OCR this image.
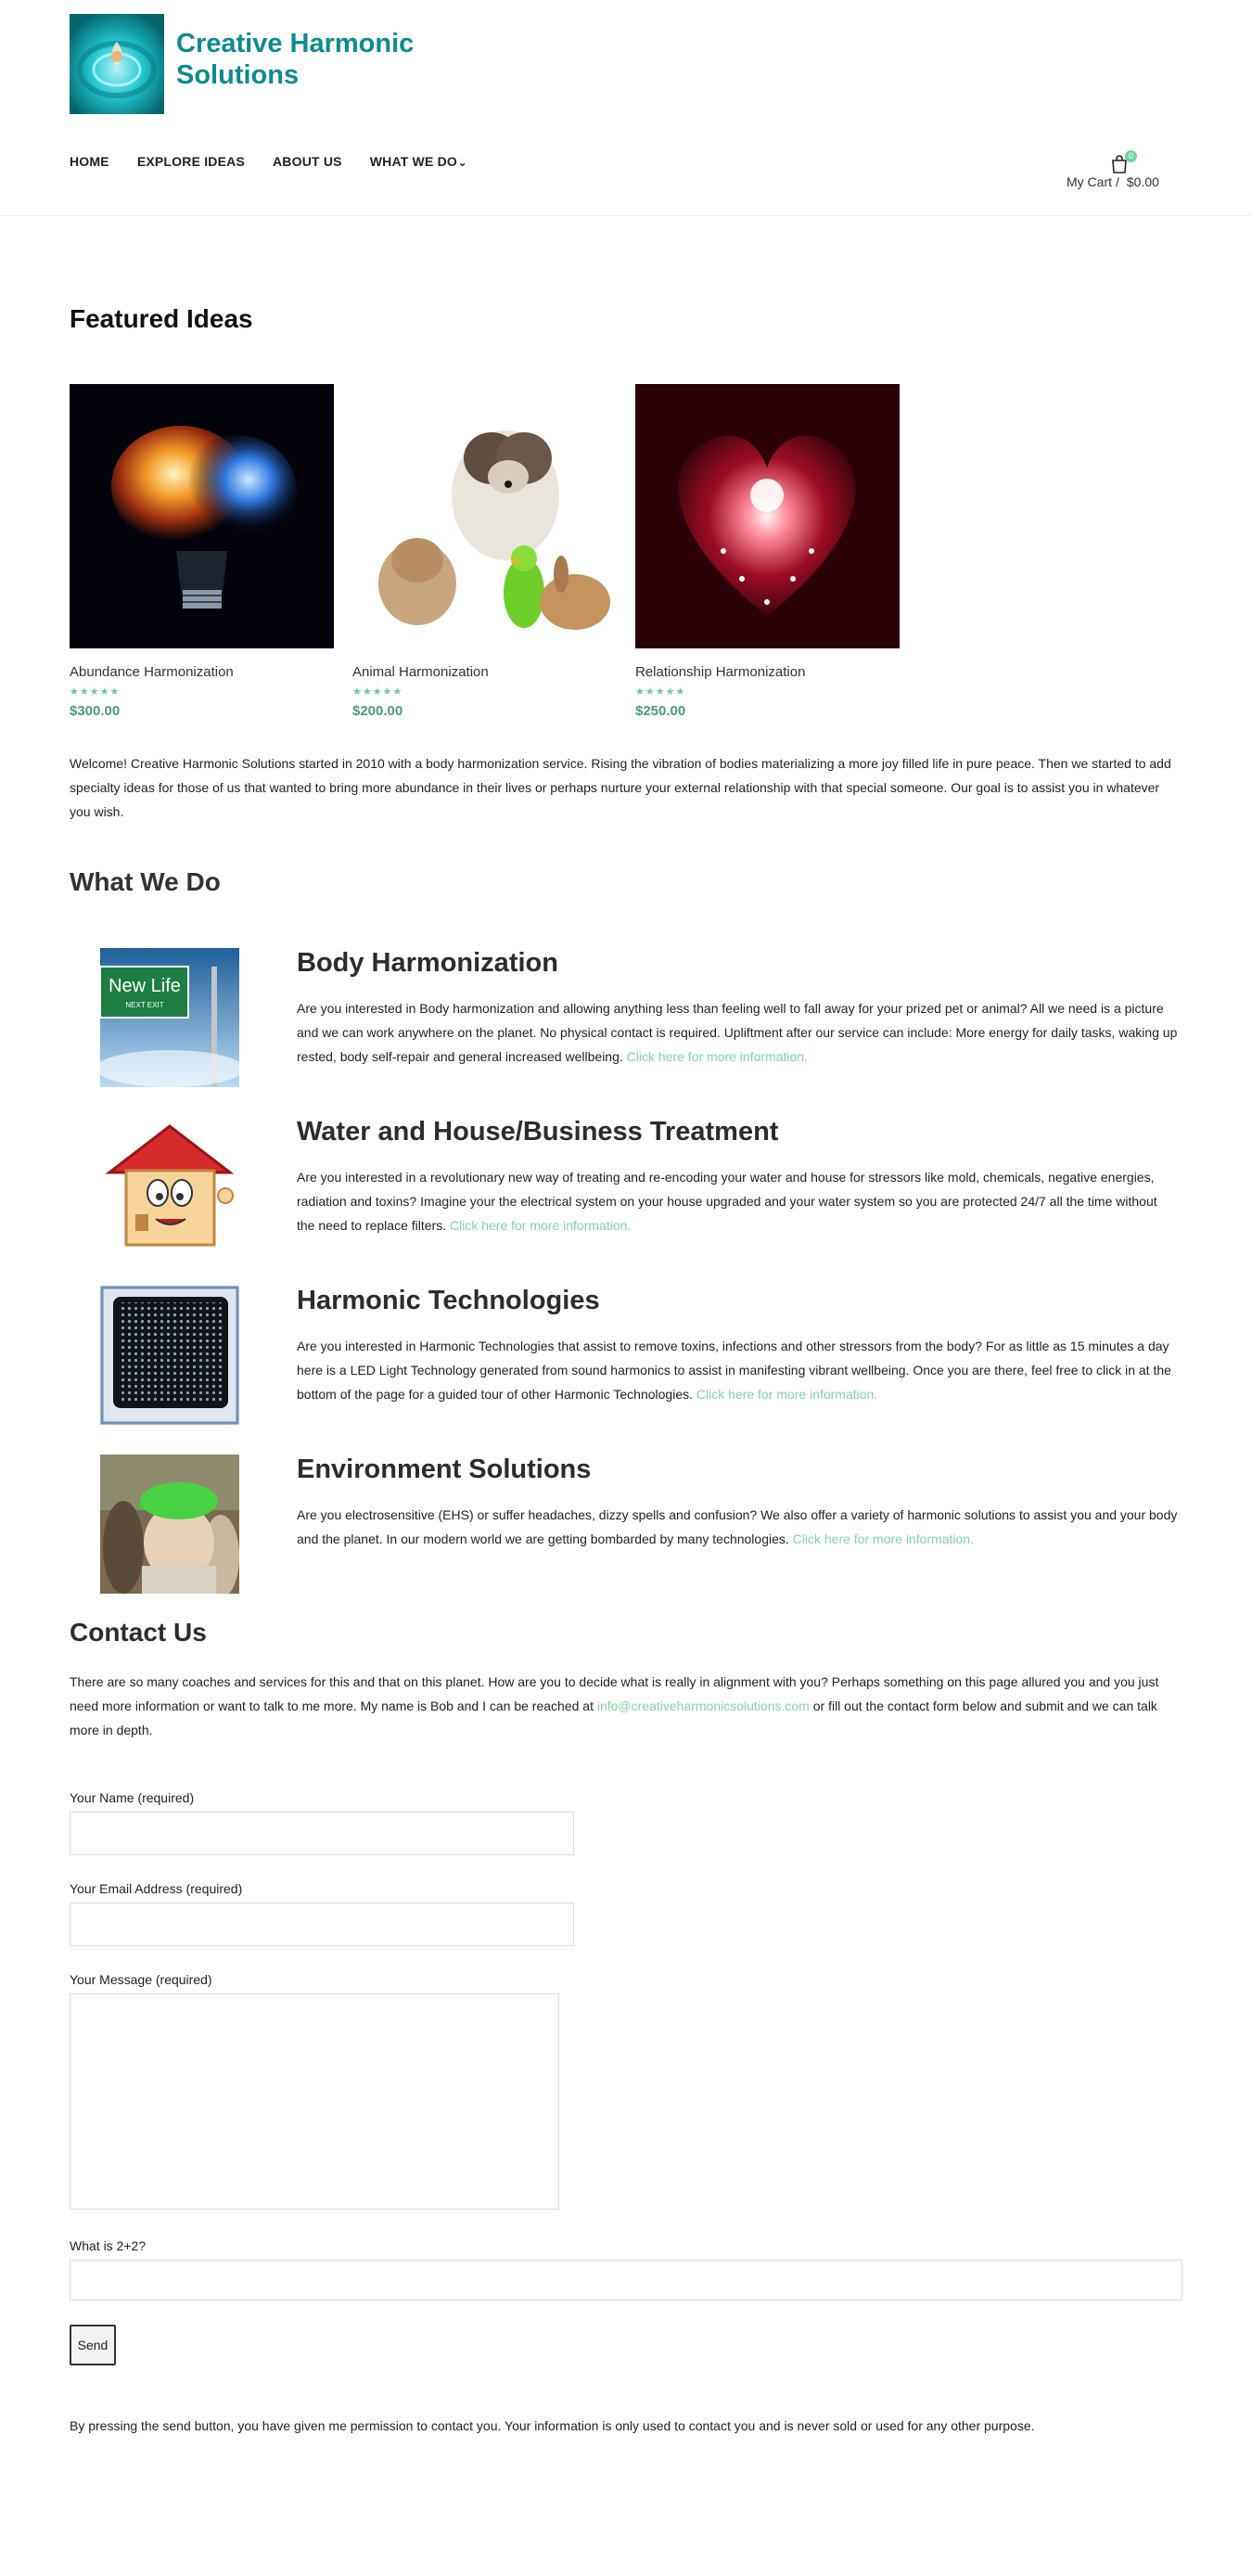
Creative Harmonic Solutions
HOME EXPLORE IDEAS ABOUT US WHAT WE DO⌄
0
My Cart / $0.00
Featured Ideas
Abundance Harmonization
★★★★★
$300.00
Animal Harmonization
★★★★★
$200.00
Relationship Harmonization
★★★★★
$250.00

Welcome! Creative Harmonic Solutions started in 2010 with a body harmonization service. Rising the vibration of bodies materializing a more joy filled life in pure peace. Then we started to add specialty ideas for those of us that wanted to bring more abundance in their lives or perhaps nurture your external relationship with that special someone. Our goal is to assist you in whatever you wish.

What We Do
New Life
NEXT EXIT
Body Harmonization

Are you interested in Body harmonization and allowing anything less than feeling well to fall away for your prized pet or animal? All we need is a picture and we can work anywhere on the planet. No physical contact is required. Upliftment after our service can include: More energy for daily tasks, waking up rested, body self-repair and general increased wellbeing. Click here for more information.

Water and House/Business Treatment

Are you interested in a revolutionary new way of treating and re-encoding your water and house for stressors like mold, chemicals, negative energies, radiation and toxins? Imagine your the electrical system on your house upgraded and your water system so you are protected 24/7 all the time without the need to replace filters. Click here for more information.

Harmonic Technologies

Are you interested in Harmonic Technologies that assist to remove toxins, infections and other stressors from the body? For as little as 15 minutes a day here is a LED Light Technology generated from sound harmonics to assist in manifesting vibrant wellbeing. Once you are there, feel free to click in at the bottom of the page for a guided tour of other Harmonic Technologies. Click here for more information.

Environment Solutions

Are you electrosensitive (EHS) or suffer headaches, dizzy spells and confusion? We also offer a variety of harmonic solutions to assist you and your body and the planet. In our modern world we are getting bombarded by many technologies. Click here for more information.

Contact Us

There are so many coaches and services for this and that on this planet. How are you to decide what is really in alignment with you? Perhaps something on this page allured you and you just need more information or want to talk to me more. My name is Bob and I can be reached at info@creativeharmonicsolutions.com or fill out the contact form below and submit and we can talk more in depth.

Your Name (required)
Your Email Address (required)
Your Message (required)
What is 2+2?
Send
By pressing the send button, you have given me permission to contact you. Your information is only used to contact you and is never sold or used for any other purpose.
